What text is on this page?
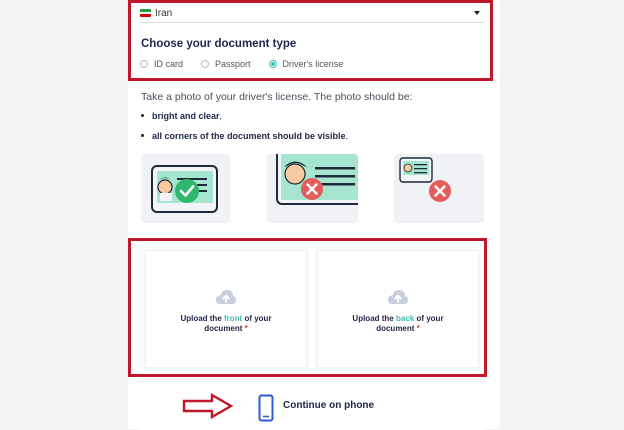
Iran
Choose your document type
ID card	Passport	Driver's license
Take a photo of your driver's license. The photo should be:
bright and clear ,
all corners of the document should be visible .
Upload the front of your document *
Upload the back of your document *
Continue on phone
